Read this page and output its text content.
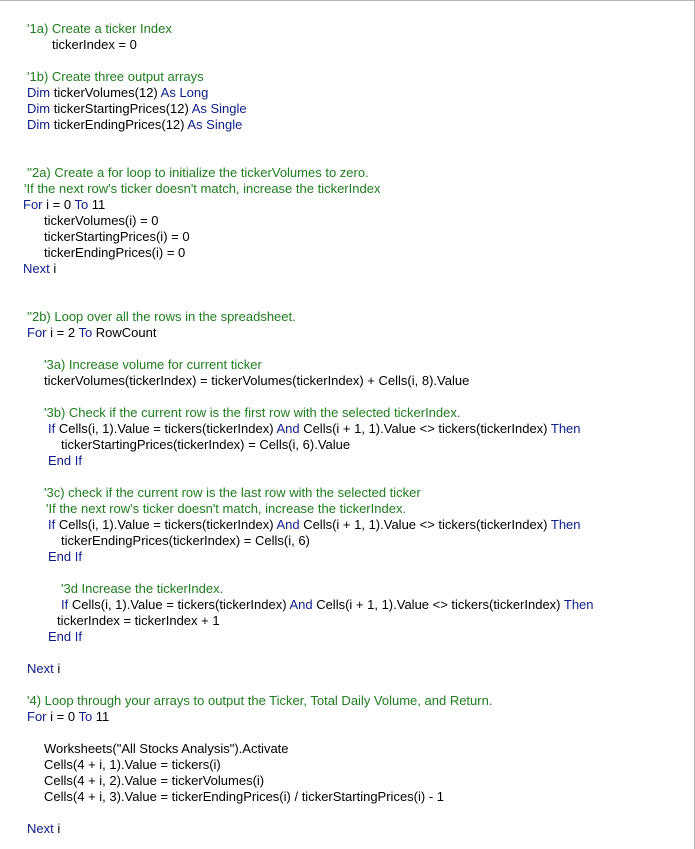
'1a) Create a ticker Index
tickerIndex = 0
'1b) Create three output arrays
Dim tickerVolumes(12) As Long
Dim tickerStartingPrices(12) As Single
Dim tickerEndingPrices(12) As Single
''2a) Create a for loop to initialize the tickerVolumes to zero.
'If the next row's ticker doesn't match, increase the tickerIndex
For i = 0 To 11
tickerVolumes(i) = 0
tickerStartingPrices(i) = 0
tickerEndingPrices(i) = 0
Next i
''2b) Loop over all the rows in the spreadsheet.
For i = 2 To RowCount
'3a) Increase volume for current ticker
tickerVolumes(tickerIndex) = tickerVolumes(tickerIndex) + Cells(i, 8).Value
'3b) Check if the current row is the first row with the selected tickerIndex.
If Cells(i, 1).Value = tickers(tickerIndex) And Cells(i + 1, 1).Value <> tickers(tickerIndex) Then
tickerStartingPrices(tickerIndex) = Cells(i, 6).Value
End If
'3c) check if the current row is the last row with the selected ticker
'If the next row's ticker doesn't match, increase the tickerIndex.
If Cells(i, 1).Value = tickers(tickerIndex) And Cells(i + 1, 1).Value <> tickers(tickerIndex) Then
tickerEndingPrices(tickerIndex) = Cells(i, 6)
End If
'3d Increase the tickerIndex.
If Cells(i, 1).Value = tickers(tickerIndex) And Cells(i + 1, 1).Value <> tickers(tickerIndex) Then
tickerIndex = tickerIndex + 1
End If
Next i
'4) Loop through your arrays to output the Ticker, Total Daily Volume, and Return.
For i = 0 To 11
Worksheets("All Stocks Analysis").Activate
Cells(4 + i, 1).Value = tickers(i)
Cells(4 + i, 2).Value = tickerVolumes(i)
Cells(4 + i, 3).Value = tickerEndingPrices(i) / tickerStartingPrices(i) - 1
Next i
